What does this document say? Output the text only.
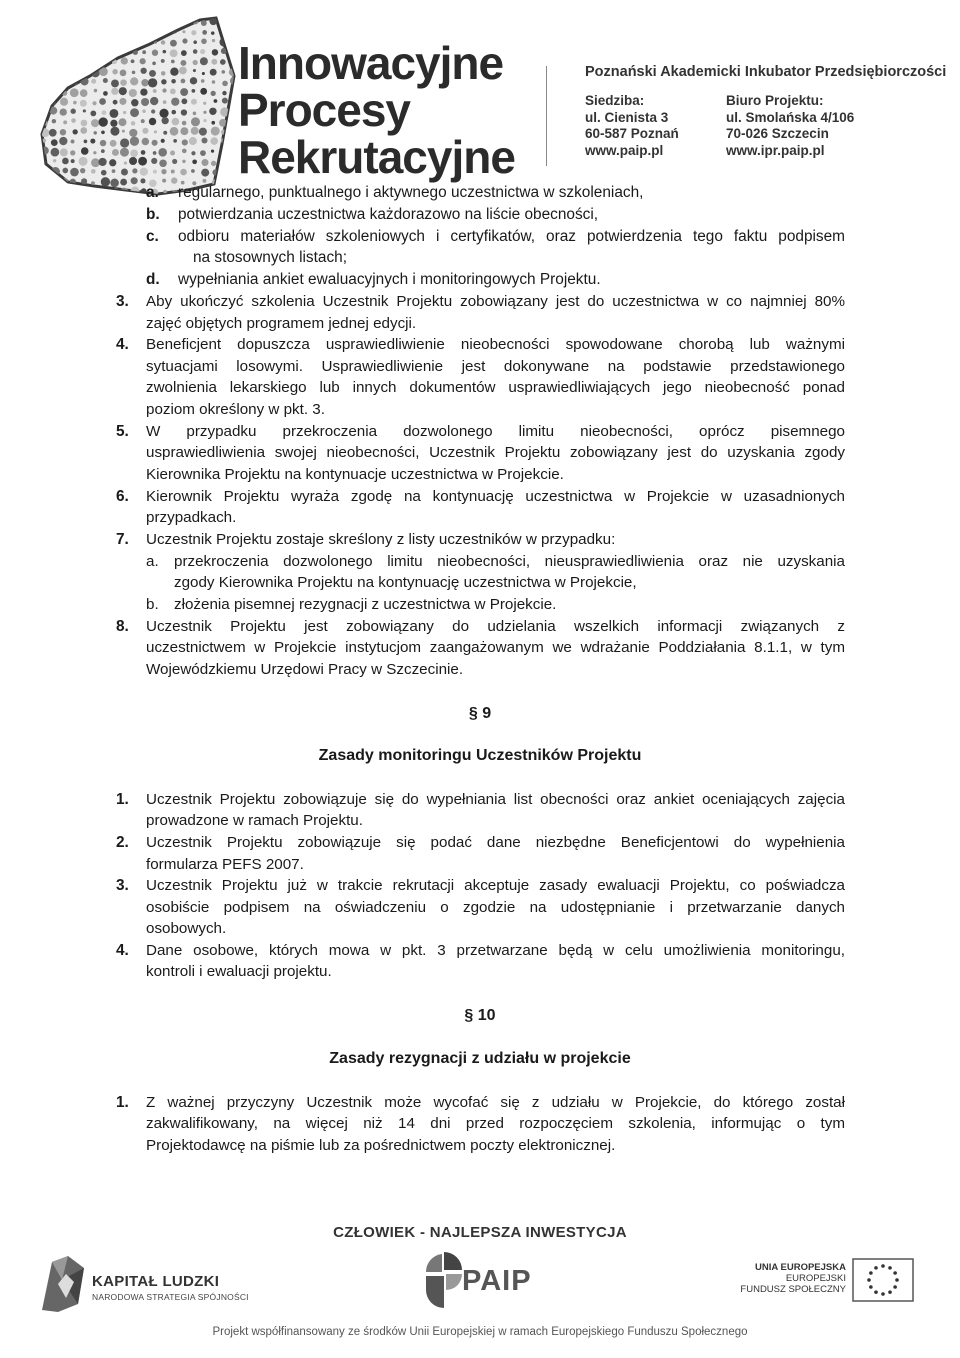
Innowacyjne
Procesy
Rekrutacyjne
Poznański Akademicki Inkubator Przedsiębiorczości
Siedziba:
ul. Cienista 3
60-587 Poznań
www.paip.pl
Biuro Projektu:
ul. Smolańska 4/106
70-026 Szczecin
www.ipr.paip.pl
a. regularnego, punktualnego i aktywnego uczestnictwa w szkoleniach,
b. potwierdzania uczestnictwa każdorazowo na liście obecności,
c. odbioru materiałów szkoleniowych i certyfikatów, oraz potwierdzenia tego faktu podpisem
na stosownych listach;
d. wypełniania ankiet ewaluacyjnych i monitoringowych Projektu.
3. Aby ukończyć szkolenia Uczestnik Projektu zobowiązany jest do uczestnictwa w co najmniej 80%
zajęć objętych programem jednej edycji.
4. Beneficjent dopuszcza usprawiedliwienie nieobecności spowodowane chorobą lub ważnymi
sytuacjami losowymi. Usprawiedliwienie jest dokonywane na podstawie przedstawionego
zwolnienia lekarskiego lub innych dokumentów usprawiedliwiających jego nieobecność ponad
poziom określony w pkt. 3.
5. W przypadku przekroczenia dozwolonego limitu nieobecności, oprócz pisemnego
usprawiedliwienia swojej nieobecności, Uczestnik Projektu zobowiązany jest do uzyskania zgody
Kierownika Projektu na kontynuacje uczestnictwa w Projekcie.
6. Kierownik Projektu wyraża zgodę na kontynuację uczestnictwa w Projekcie w uzasadnionych
przypadkach.
7. Uczestnik Projektu zostaje skreślony z listy uczestników w przypadku:
a. przekroczenia dozwolonego limitu nieobecności, nieusprawiedliwienia oraz nie uzyskania
zgody Kierownika Projektu na kontynuację uczestnictwa w Projekcie,
b. złożenia pisemnej rezygnacji z uczestnictwa w Projekcie.
8. Uczestnik Projektu jest zobowiązany do udzielania wszelkich informacji związanych z
uczestnictwem w Projekcie instytucjom zaangażowanym we wdrażanie Poddziałania 8.1.1, w tym
Wojewódzkiemu Urzędowi Pracy w Szczecinie.
§ 9
Zasady monitoringu Uczestników Projektu
1. Uczestnik Projektu zobowiązuje się do wypełniania list obecności oraz ankiet oceniających zajęcia
prowadzone w ramach Projektu.
2. Uczestnik Projektu zobowiązuje się podać dane niezbędne Beneficjentowi do wypełnienia
formularza PEFS 2007.
3. Uczestnik Projektu już w trakcie rekrutacji akceptuje zasady ewaluacji Projektu, co poświadcza
osobiście podpisem na oświadczeniu o zgodzie na udostępnianie i przetwarzanie danych
osobowych.
4. Dane osobowe, których mowa w pkt. 3 przetwarzane będą w celu umożliwienia monitoringu,
kontroli i ewaluacji projektu.
§ 10
Zasady rezygnacji z udziału w projekcie
1. Z ważnej przyczyny Uczestnik może wycofać się z udziału w Projekcie, do którego został
zakwalifikowany, na więcej niż 14 dni przed rozpoczęciem szkolenia, informując o tym
Projektodawcę na piśmie lub za pośrednictwem poczty elektronicznej.
CZŁOWIEK - NAJLEPSZA INWESTYCJA
KAPITAŁ LUDZKI
NARODOWA STRATEGIA SPÓJNOŚCI	PAIP	UNIA EUROPEJSKA
EUROPEJSKI
FUNDUSZ SPOŁECZNY
Projekt współfinansowany ze środków Unii Europejskiej w ramach Europejskiego Funduszu Społecznego
